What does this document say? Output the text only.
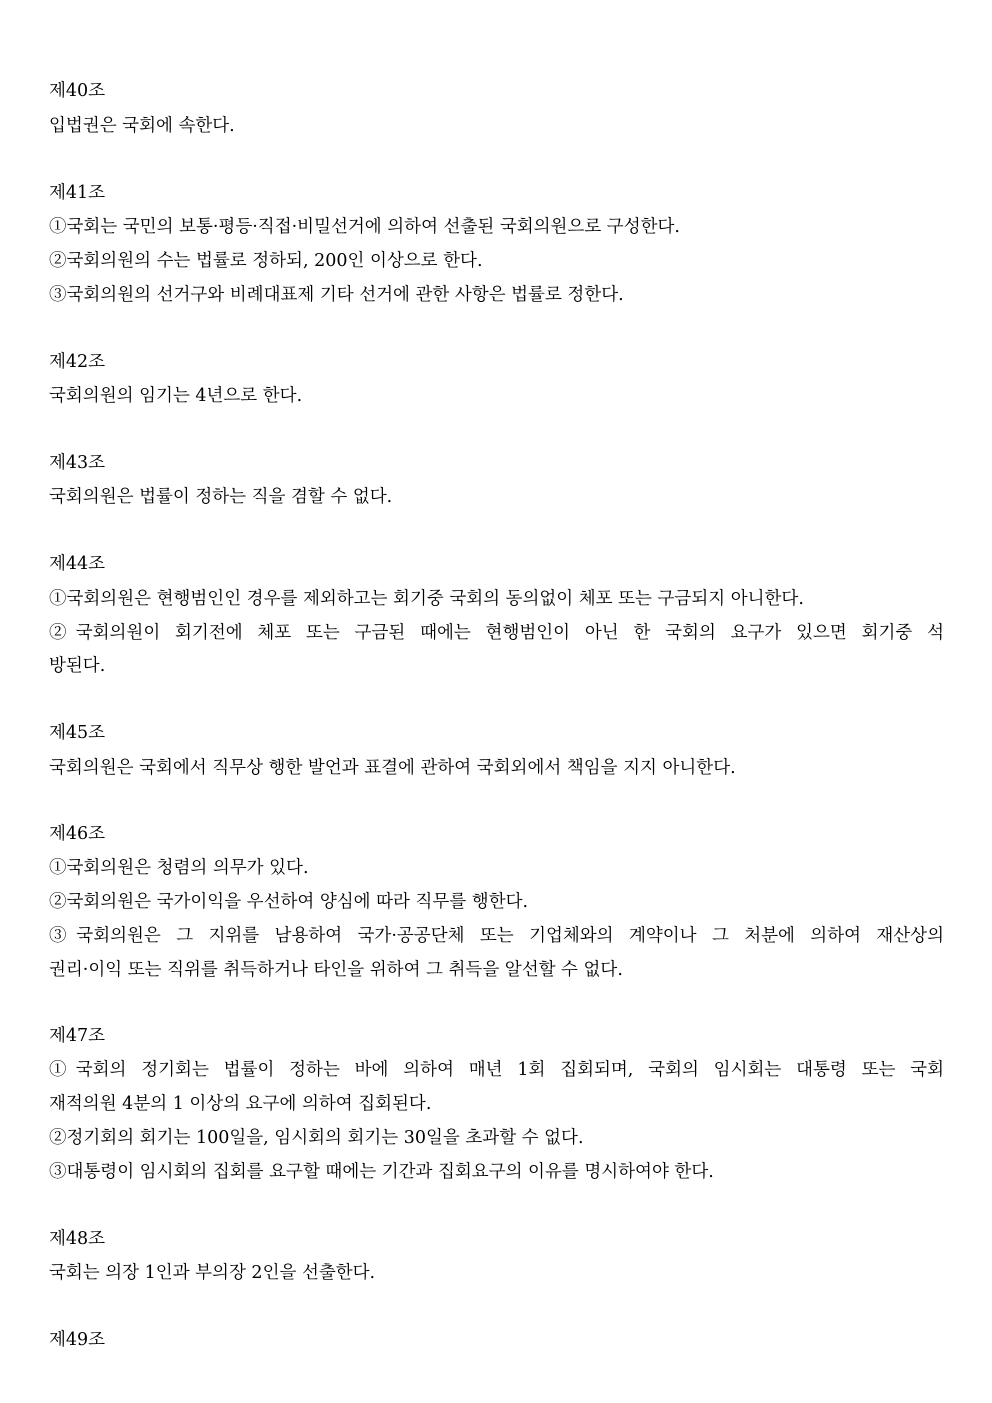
제40조
입법권은 국회에 속한다.
제41조
①국회는 국민의 보통·평등·직접·비밀선거에 의하여 선출된 국회의원으로 구성한다.
②국회의원의 수는 법률로 정하되, 200인 이상으로 한다.
③국회의원의 선거구와 비례대표제 기타 선거에 관한 사항은 법률로 정한다.
제42조
국회의원의 임기는 4년으로 한다.
제43조
국회의원은 법률이 정하는 직을 겸할 수 없다.
제44조
①국회의원은 현행범인인 경우를 제외하고는 회기중 국회의 동의없이 체포 또는 구금되지 아니한다.
②국회의원이 회기전에 체포 또는 구금된 때에는 현행범인이 아닌 한 국회의 요구가 있으면 회기중 석
방된다.
제45조
국회의원은 국회에서 직무상 행한 발언과 표결에 관하여 국회외에서 책임을 지지 아니한다.
제46조
①국회의원은 청렴의 의무가 있다.
②국회의원은 국가이익을 우선하여 양심에 따라 직무를 행한다.
③국회의원은 그 지위를 남용하여 국가·공공단체 또는 기업체와의 계약이나 그 처분에 의하여 재산상의
권리·이익 또는 직위를 취득하거나 타인을 위하여 그 취득을 알선할 수 없다.
제47조
①국회의 정기회는 법률이 정하는 바에 의하여 매년 1회 집회되며, 국회의 임시회는 대통령 또는 국회
재적의원 4분의 1 이상의 요구에 의하여 집회된다.
②정기회의 회기는 100일을, 임시회의 회기는 30일을 초과할 수 없다.
③대통령이 임시회의 집회를 요구할 때에는 기간과 집회요구의 이유를 명시하여야 한다.
제48조
국회는 의장 1인과 부의장 2인을 선출한다.
제49조
